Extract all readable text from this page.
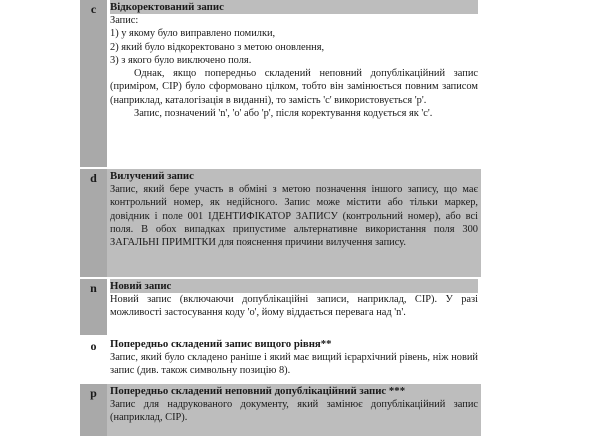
c	Відкоректований запис

Запис:

1) у якому було виправлено помилки,

2) який було відкоректовано з метою оновлення,

3) з якого було виключено поля.

Однак, якщо попередньо складений неповний допублікаційний запис (приміром, CIP) було сформовано цілком, тобто він замінюється повним записом (наприклад, каталогізація в виданні), то замість 'c' використовується 'p'.

Запис, позначений 'n', 'o' або 'p', після коректування кодується як 'c'.

d	Вилучений запис

Запис, який бере участь в обміні з метою позначення іншого запису, що має контрольний номер, як недійсного. Запис може містити або тільки маркер, довідник і поле 001 ІДЕНТИФІКАТОР ЗАПИСУ (контрольний номер), або всі поля. В обох випадках припустиме альтернативне використання поля 300 ЗАГАЛЬНІ ПРИМІТКИ для пояснення причини вилучення запису.

n	Новий запис

Новий запис (включаючи допублікаційні записи, наприклад, CIP). У разі можливості застосування коду 'o', йому віддається перевага над 'n'.

o	Попередньо складений запис вищого рівня**

Запис, який було складено раніше і який має вищий ієрархічний рівень, ніж новий запис (див. також символьну позицію 8).

p	Попередньо складений неповний допублікаційний запис ***

Запис для надрукованого документу, який замінює допублікаційний запис (наприклад, CIP).
